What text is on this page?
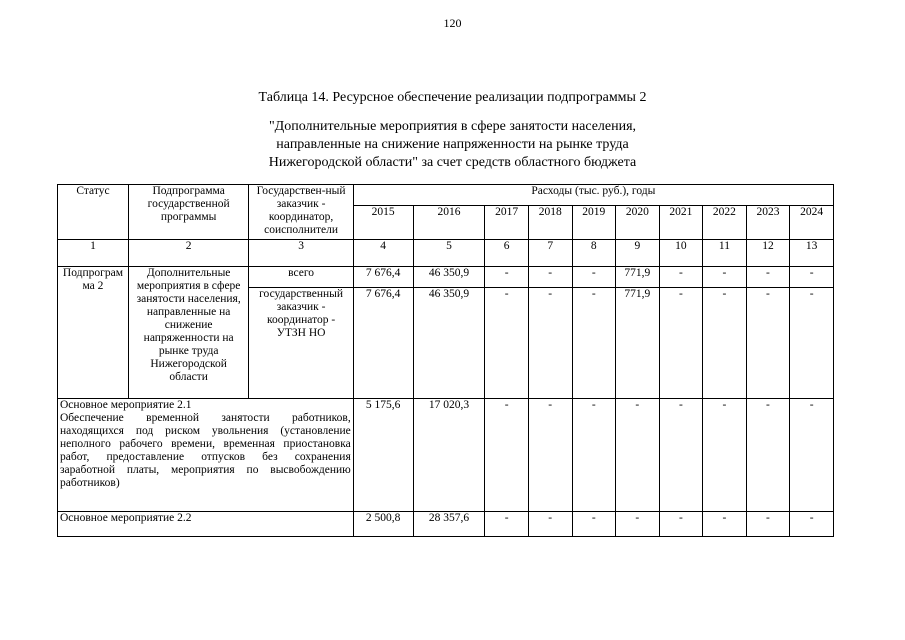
120
Таблица 14. Ресурсное обеспечение реализации подпрограммы 2
"Дополнительные мероприятия в сфере занятости населения,
направленные на снижение напряженности на рынке труда
Нижегородской области" за счет средств областного бюджета
Статус	Подпрограмма государственной программы	Государствен-ный заказчик - координатор, соисполнители	Расходы (тыс. руб.), годы									
			2015	2016	2017	2018	2019	2020	2021	2022	2023	2024
1	2	3	4	5	6	7	8	9	10	11	12	13
Подпрограмма 2	Дополнительные мероприятия в сфере занятости населения, направленные на снижение напряженности на рынке труда Нижегородской области	всего	7 676,4	46 350,9	-	-	-	771,9	-	-	-	-
		государственный заказчик - координатор - УТЗН НО	7 676,4	46 350,9	-	-	-	771,9	-	-	-	-

Основное мероприятие 2.1
Обеспечение временной занятости работников, находящихся под риском увольнения (установление неполного рабочего времени, временная приостановка работ, предоставление отпусков без сохранения заработной платы, мероприятия по высвобождению работников)			5 175,6	17 020,3	-	-	-	-	-	-	-	-
Основное мероприятие 2.2			2 500,8	28 357,6	-	-	-	-	-	-	-	-
